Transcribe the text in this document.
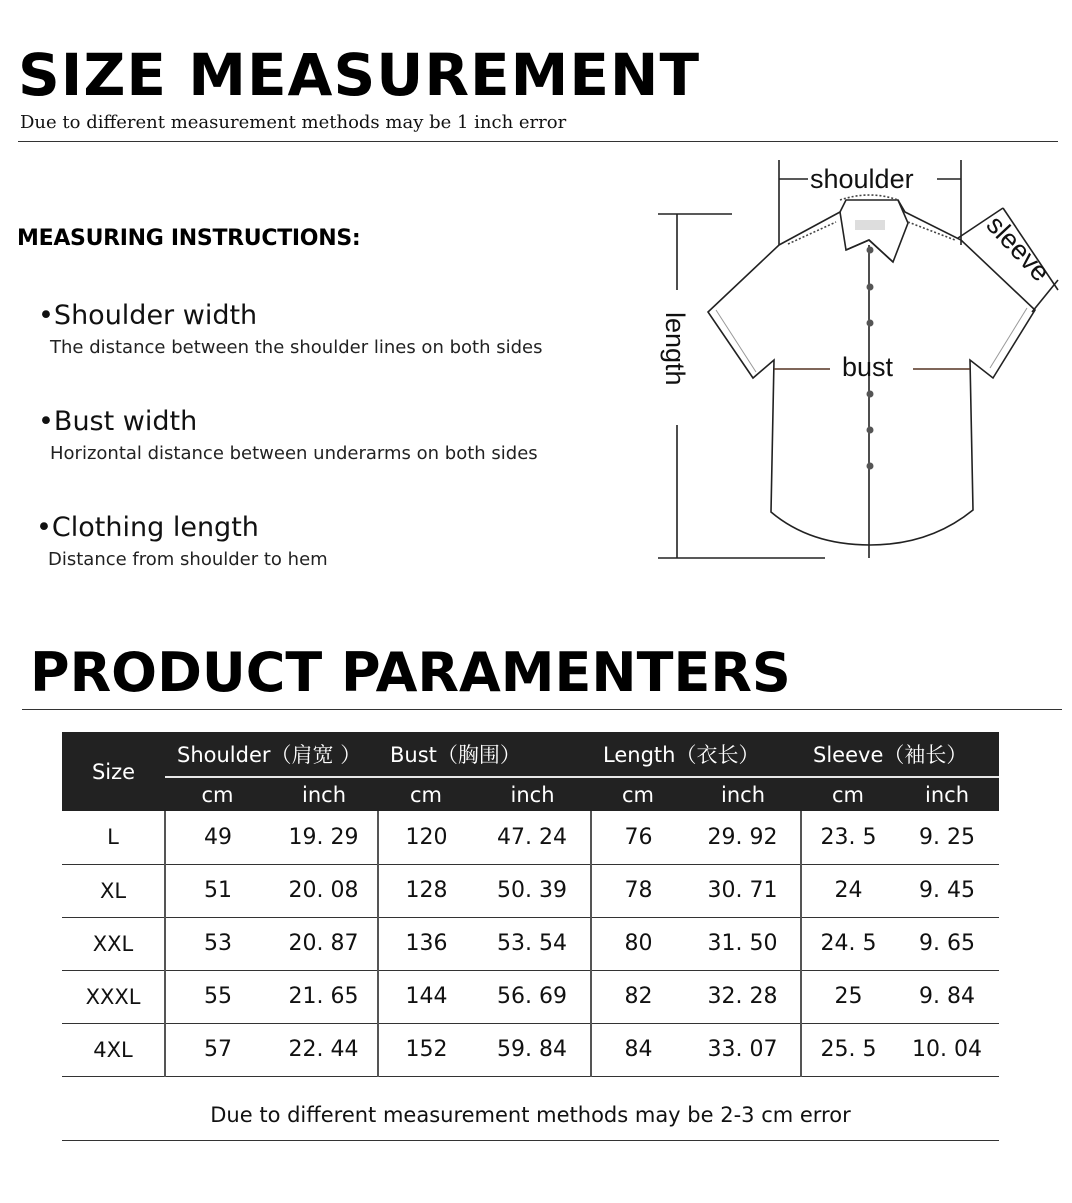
SIZE MEASUREMENT
Due to different measurement methods may be 1 inch error
MEASURING INSTRUCTIONS:
•Shoulder width
The distance between the shoulder lines on both sides
•Bust width
Horizontal distance between underarms on both sides
•Clothing length
Distance from shoulder to hem
shoulder
bust
length
sleeve
PRODUCT PARAMENTERS
Size	Shoulder（肩宽 ）		Bust（胸围）		Length（衣长）		Sleeve（袖长）	
	cm	inch	cm	inch	cm	inch	cm	inch
L	49	19. 29	120	47. 24	76	29. 92	23. 5	9. 25
XL	51	20. 08	128	50. 39	78	30. 71	24	9. 45
XXL	53	20. 87	136	53. 54	80	31. 50	24. 5	9. 65
XXXL	55	21. 65	144	56. 69	82	32. 28	25	9. 84
4XL	57	22. 44	152	59. 84	84	33. 07	25. 5	10. 04
Due to different measurement methods may be 2-3 cm error
